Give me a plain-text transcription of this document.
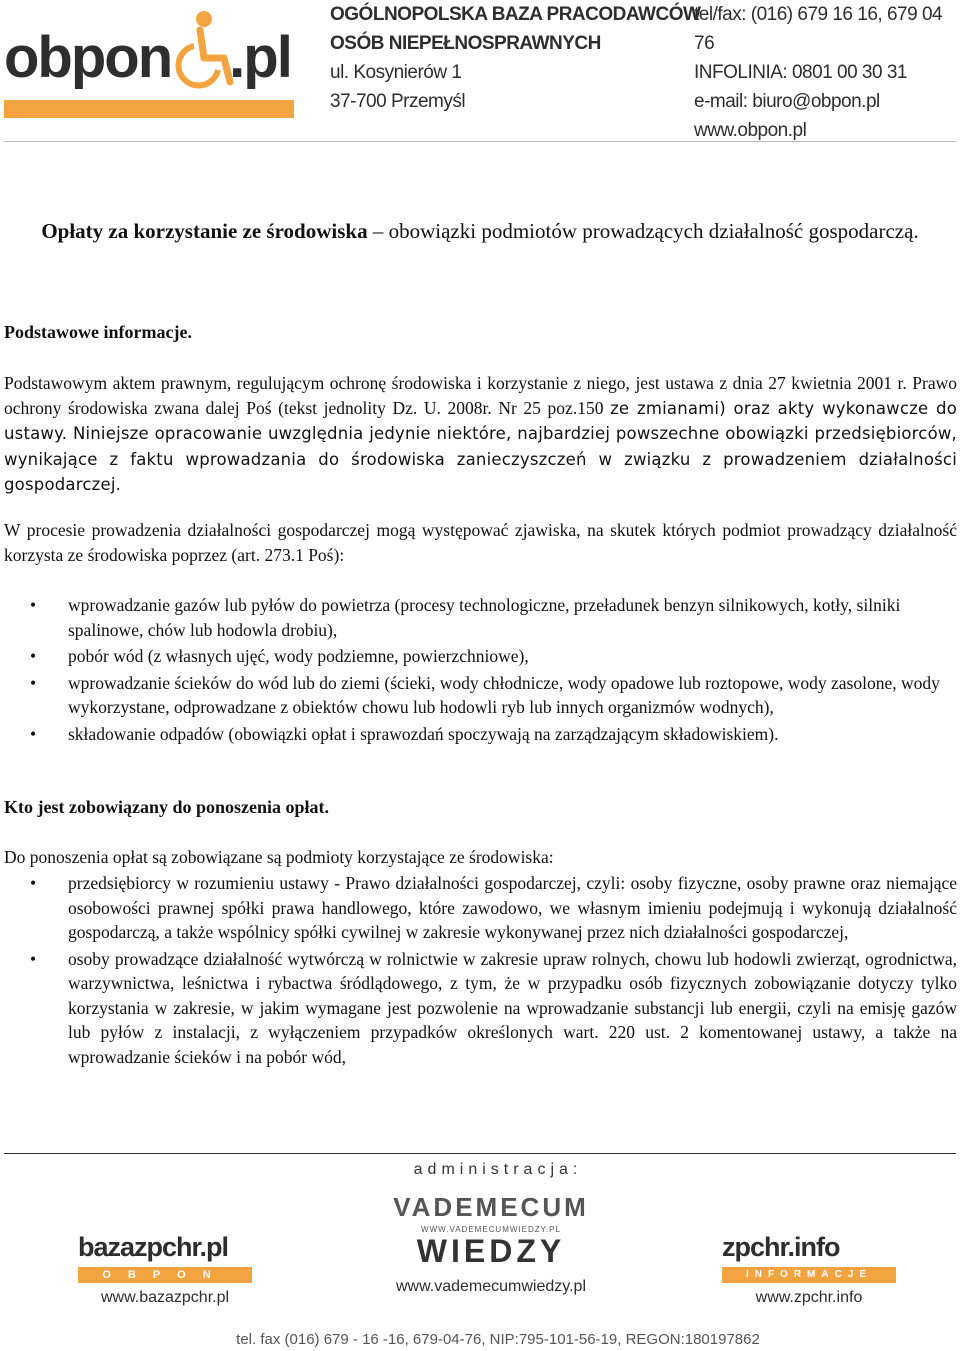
obpon .pl
OGÓLNOPOLSKA BAZA PRACODAWCÓW
OSÓB NIEPEŁNOSPRAWNYCH
ul. Kosynierów 1
37-700 Przemyśl
tel/fax: (016) 679 16 16, 679 04 76
INFOLINIA: 0801 00 30 31
e-mail: biuro@obpon.pl
www.obpon.pl
Opłaty za korzystanie ze środowiska – obowiązki podmiotów prowadzących działalność gospodarczą.
Podstawowe informacje.
Podstawowym aktem prawnym, regulującym ochronę środowiska i korzystanie z niego, jest ustawa z dnia 27 kwietnia 2001 r. Prawo ochrony środowiska zwana dalej Poś (tekst jednolity Dz. U. 2008r. Nr 25 poz.150 ze zmianami) oraz akty wykonawcze do ustawy. Niniejsze opracowanie uwzględnia jedynie niektóre, najbardziej powszechne obowiązki przedsiębiorców, wynikające z faktu wprowadzania do środowiska zanieczyszczeń w związku z prowadzeniem działalności gospodarczej.
W procesie prowadzenia działalności gospodarczej mogą występować zjawiska, na skutek których podmiot prowadzący działalność korzysta ze środowiska poprzez (art. 273.1 Poś):
• wprowadzanie gazów lub pyłów do powietrza (procesy technologiczne, przeładunek benzyn silnikowych, kotły, silniki spalinowe, chów lub hodowla drobiu),
• pobór wód (z własnych ujęć, wody podziemne, powierzchniowe),
• wprowadzanie ścieków do wód lub do ziemi (ścieki, wody chłodnicze, wody opadowe lub roztopowe, wody zasolone, wody wykorzystane, odprowadzane z obiektów chowu lub hodowli ryb lub innych organizmów wodnych),
• składowanie odpadów (obowiązki opłat i sprawozdań spoczywają na zarządzającym składowiskiem).
Kto jest zobowiązany do ponoszenia opłat.
Do ponoszenia opłat są zobowiązane są podmioty korzystające ze środowiska:
• przedsiębiorcy w rozumieniu ustawy - Prawo działalności gospodarczej, czyli: osoby fizyczne, osoby prawne oraz niemające osobowości prawnej spółki prawa handlowego, które zawodowo, we własnym imieniu podejmują i wykonują działalność gospodarczą, a także wspólnicy spółki cywilnej w zakresie wykonywanej przez nich działalności gospodarczej,
• osoby prowadzące działalność wytwórczą w rolnictwie w zakresie upraw rolnych, chowu lub hodowli zwierząt, ogrodnictwa, warzywnictwa, leśnictwa i rybactwa śródlądowego, z tym, że w przypadku osób fizycznych zobowiązanie dotyczy tylko korzystania w zakresie, w jakim wymagane jest pozwolenie na wprowadzanie substancji lub energii, czyli na emisję gazów lub pyłów z instalacji, z wyłączeniem przypadków określonych wart. 220 ust. 2 komentowanej ustawy, a także na wprowadzanie ścieków i na pobór wód,
administracja:
bazazpchr.pl
OBPON
www.bazazpchr.pl
VADEMECUM
WWW.VADEMECUMWIEDZY.PL
WIEDZY
www.vademecumwiedzy.pl
zpchr.info
INFORMACJE
www.zpchr.info
tel. fax (016) 679 - 16 -16, 679-04-76, NIP:795-101-56-19, REGON:180197862
